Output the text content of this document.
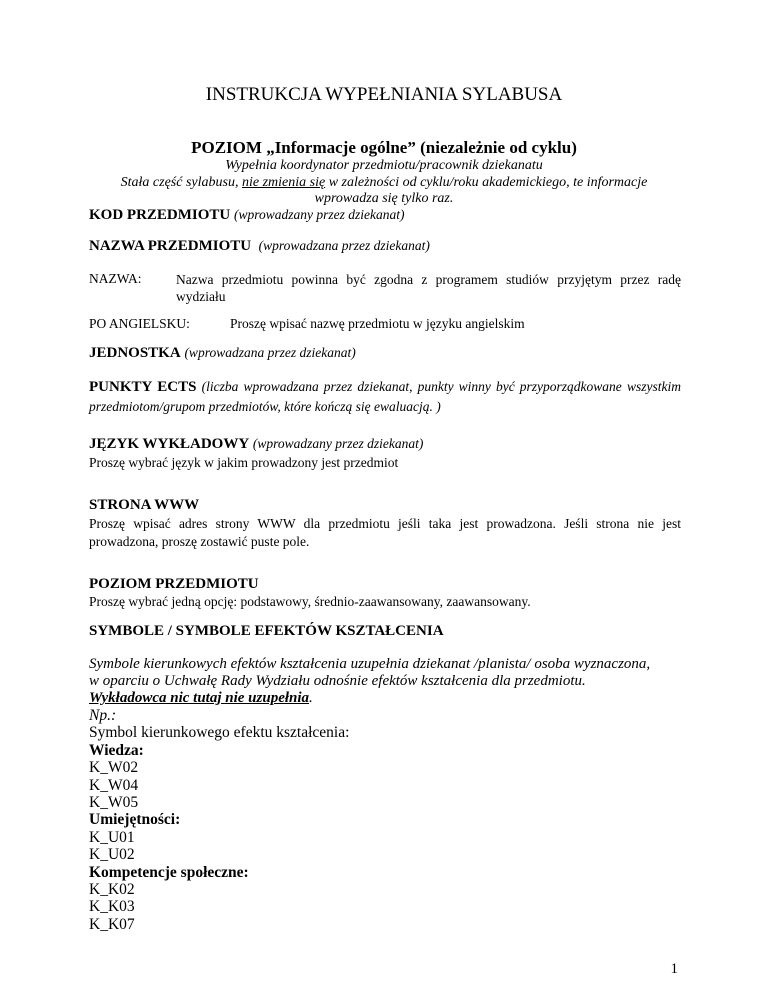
INSTRUKCJA WYPEŁNIANIA SYLABUSA
POZIOM „Informacje ogólne” (niezależnie od cyklu)
Wypełnia koordynator przedmiotu/pracownik dziekanatu
Stała część sylabusu, nie zmienia się w zależności od cyklu/roku akademickiego, te informacje
wprowadza się tylko raz.
KOD PRZEDMIOTU (wprowadzany przez dziekanat)
NAZWA PRZEDMIOTU (wprowadzana przez dziekanat)
NAZWA:	Nazwa przedmiotu powinna być zgodna z programem studiów przyjętym przez radę wydziału
PO ANGIELSKU:	Proszę wpisać nazwę przedmiotu w języku angielskim
JEDNOSTKA (wprowadzana przez dziekanat)
PUNKTY ECTS (liczba wprowadzana przez dziekanat, punkty winny być przyporządkowane wszystkim przedmiotom/grupom przedmiotów, które kończą się ewaluacją. )
JĘZYK WYKŁADOWY (wprowadzany przez dziekanat)
Proszę wybrać język w jakim prowadzony jest przedmiot
STRONA WWW
Proszę wpisać adres strony WWW dla przedmiotu jeśli taka jest prowadzona. Jeśli strona nie jest prowadzona, proszę zostawić puste pole.
POZIOM PRZEDMIOTU
Proszę wybrać jedną opcję: podstawowy, średnio-zaawansowany, zaawansowany.
SYMBOLE / SYMBOLE EFEKTÓW KSZTAŁCENIA
Symbole kierunkowych efektów kształcenia uzupełnia dziekanat /planista/ osoba wyznaczona,
w oparciu o Uchwałę Rady Wydziału odnośnie efektów kształcenia dla przedmiotu.
Wykładowca nic tutaj nie uzupełnia.
Np.:
Symbol kierunkowego efektu kształcenia:
Wiedza:
K_W02
K_W04
K_W05
Umiejętności:
K_U01
K_U02
Kompetencje społeczne:
K_K02
K_K03
K_K07
1
